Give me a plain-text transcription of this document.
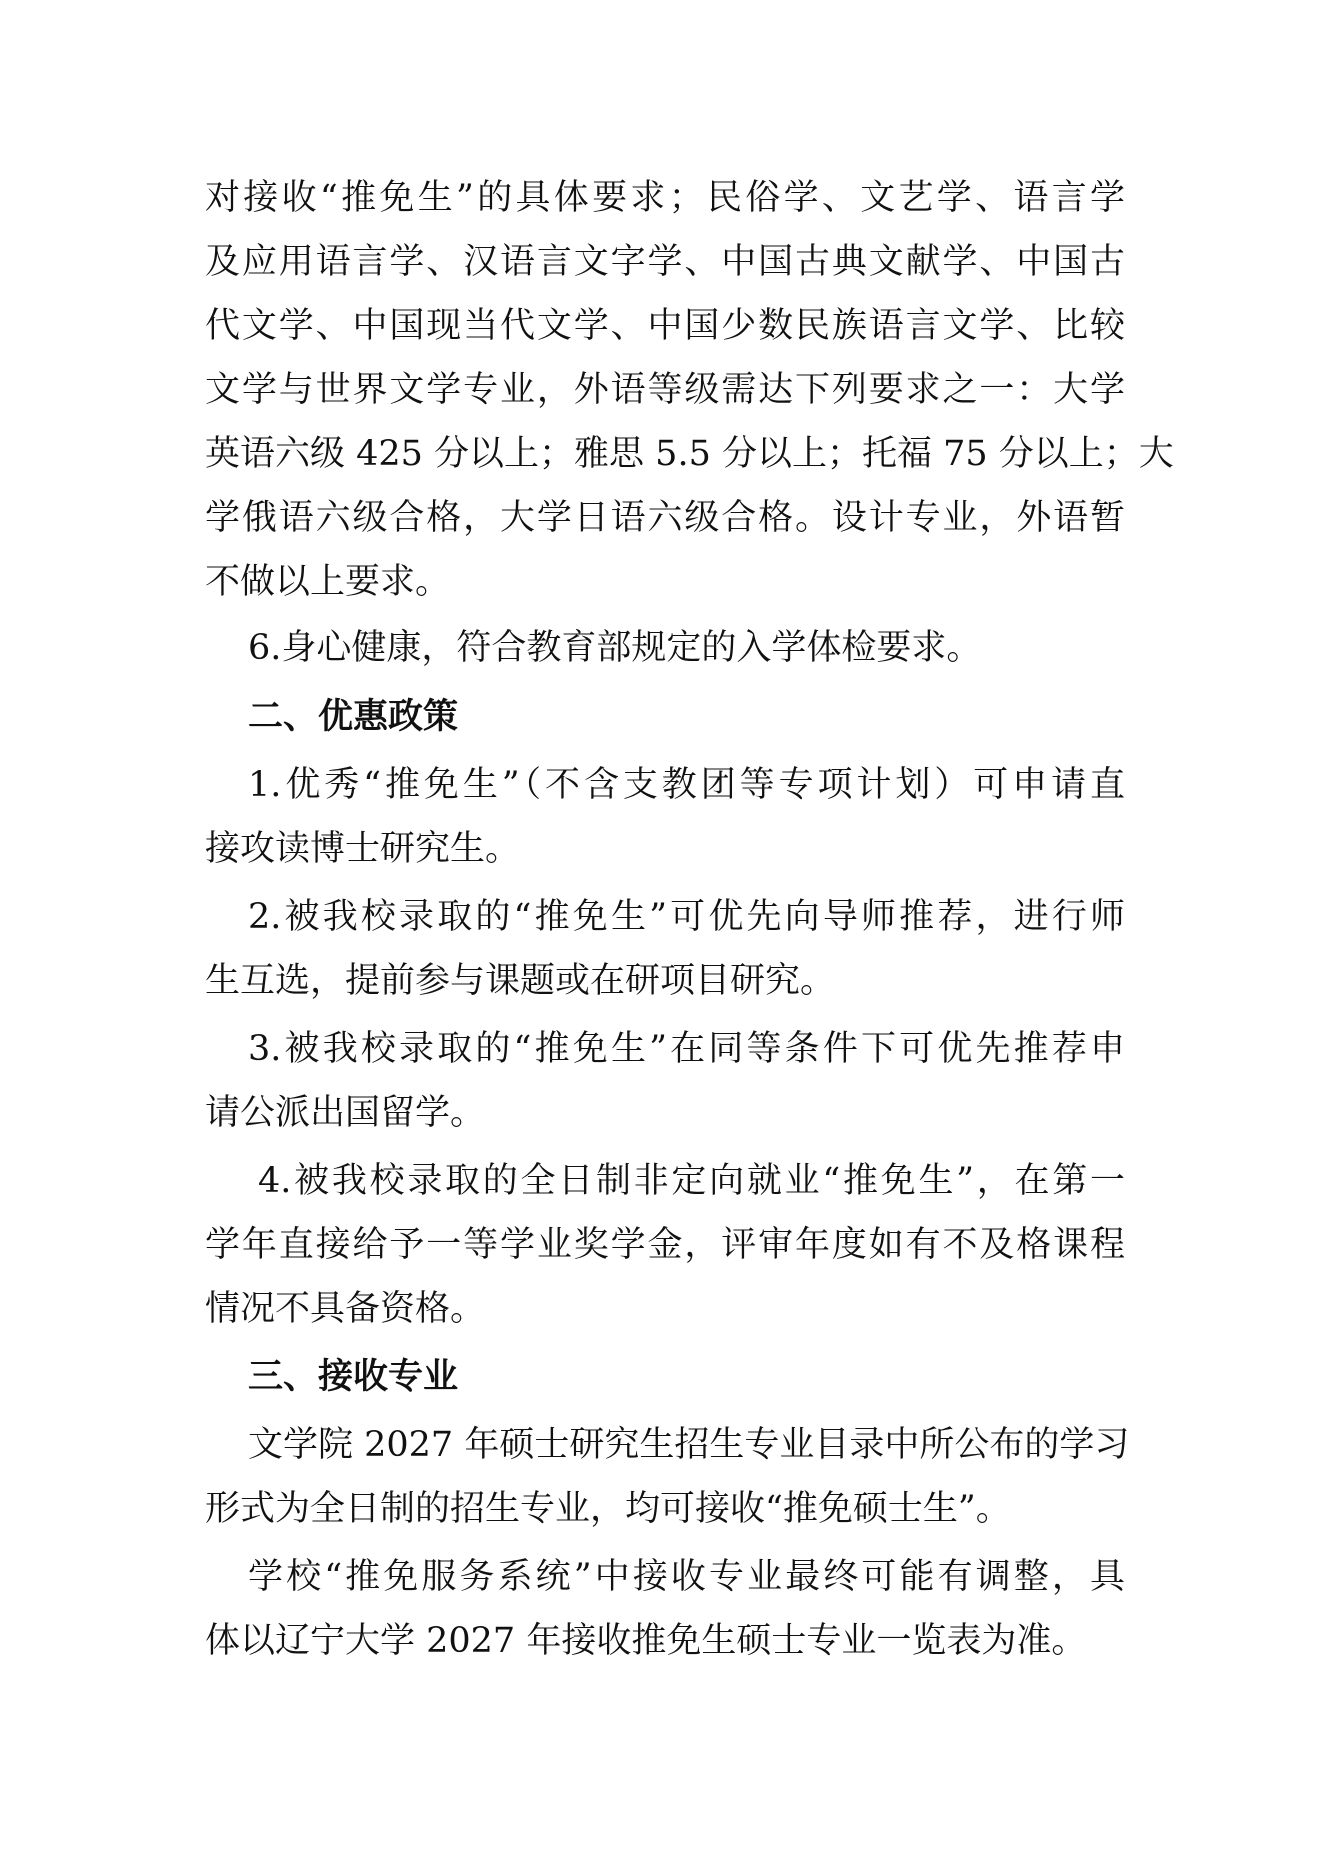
对接收“推免生”的具体要求；民俗学、文艺学、语言学
及应用语言学、汉语言文字学、中国古典文献学、中国古
代文学、中国现当代文学、中国少数民族语言文学、比较
文学与世界文学专业，外语等级需达下列要求之一：大学
英语六级 425 分以上；雅思 5.5 分以上；托福 75 分以上；大
学俄语六级合格，大学日语六级合格。设计专业，外语暂
不做以上要求。
6.身心健康，符合教育部规定的入学体检要求。
二、优惠政策
1.优秀“推免生”（不含支教团等专项计划）可申请直
接攻读博士研究生。
2.被我校录取的“推免生”可优先向导师推荐，进行师
生互选，提前参与课题或在研项目研究。
3.被我校录取的“推免生”在同等条件下可优先推荐申
请公派出国留学。
4.被我校录取的全日制非定向就业“推免生”，在第一
学年直接给予一等学业奖学金，评审年度如有不及格课程
情况不具备资格。
三、接收专业
文学院 2027 年硕士研究生招生专业目录中所公布的学习
形式为全日制的招生专业，均可接收“推免硕士生”。
学校“推免服务系统”中接收专业最终可能有调整，具
体以辽宁大学 2027 年接收推免生硕士专业一览表为准。
